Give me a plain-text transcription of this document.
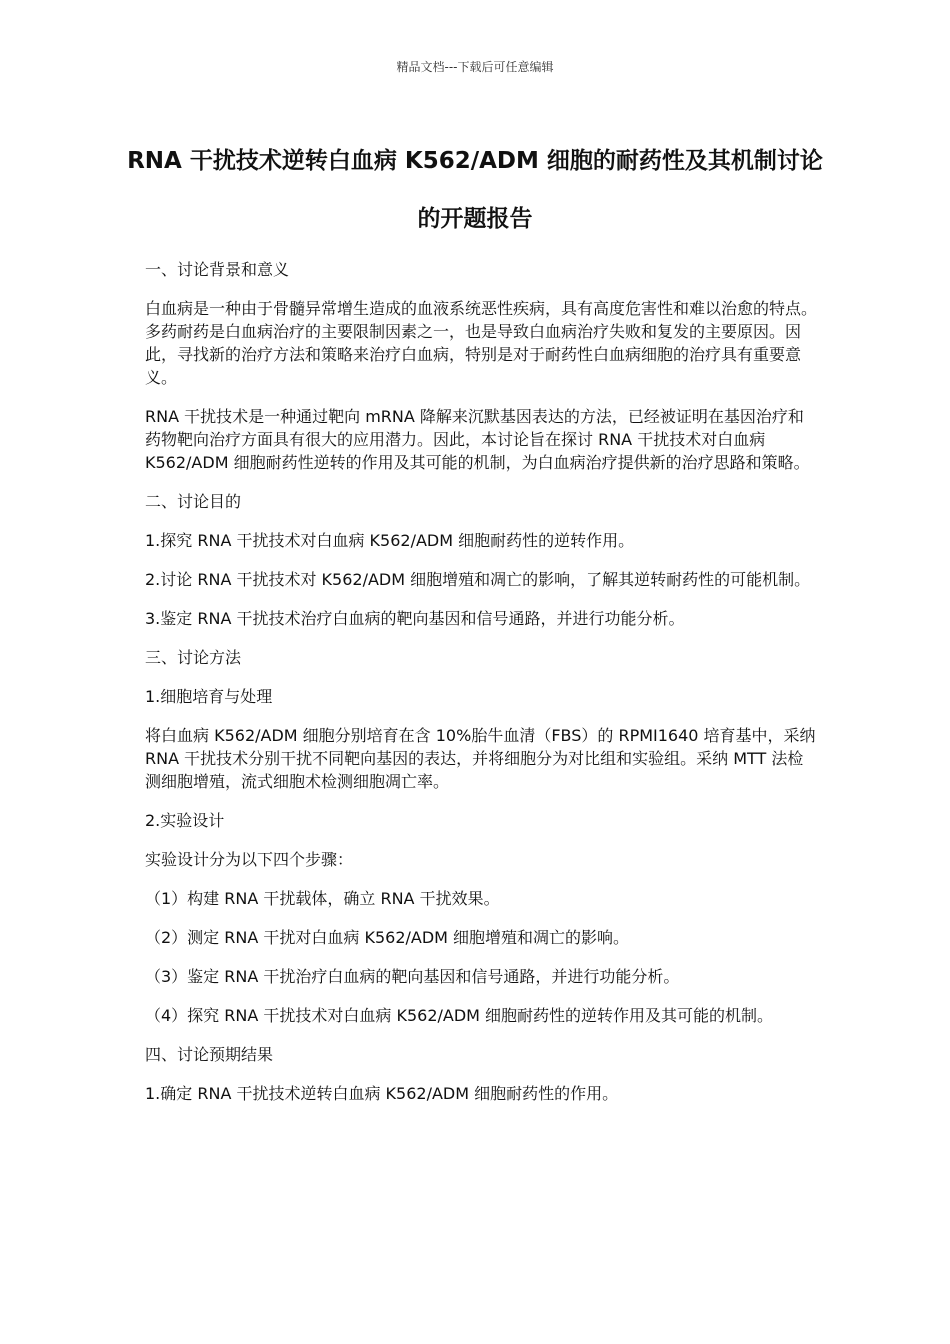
精品文档---下载后可任意编辑
RNA 干扰技术逆转白血病 K562/ADM 细胞的耐药性及其机制讨论的开题报告

一、讨论背景和意义

白血病是一种由于骨髓异常增生造成的血液系统恶性疾病，具有高度危害性和难以治愈的特点。多药耐药是白血病治疗的主要限制因素之一，也是导致白血病治疗失败和复发的主要原因。因此，寻找新的治疗方法和策略来治疗白血病，特别是对于耐药性白血病细胞的治疗具有重要意义。

RNA 干扰技术是一种通过靶向 mRNA 降解来沉默基因表达的方法，已经被证明在基因治疗和药物靶向治疗方面具有很大的应用潜力。因此，本讨论旨在探讨 RNA 干扰技术对白血病 K562/ADM 细胞耐药性逆转的作用及其可能的机制，为白血病治疗提供新的治疗思路和策略。

二、讨论目的

1.探究 RNA 干扰技术对白血病 K562/ADM 细胞耐药性的逆转作用。

2.讨论 RNA 干扰技术对 K562/ADM 细胞增殖和凋亡的影响，了解其逆转耐药性的可能机制。

3.鉴定 RNA 干扰技术治疗白血病的靶向基因和信号通路，并进行功能分析。

三、讨论方法

1.细胞培育与处理

将白血病 K562/ADM 细胞分别培育在含 10%胎牛血清（FBS）的 RPMI1640 培育基中，采纳 RNA 干扰技术分别干扰不同靶向基因的表达，并将细胞分为对比组和实验组。采纳 MTT 法检测细胞增殖，流式细胞术检测细胞凋亡率。

2.实验设计

实验设计分为以下四个步骤：

（1）构建 RNA 干扰载体，确立 RNA 干扰效果。

（2）测定 RNA 干扰对白血病 K562/ADM 细胞增殖和凋亡的影响。

（3）鉴定 RNA 干扰治疗白血病的靶向基因和信号通路，并进行功能分析。

（4）探究 RNA 干扰技术对白血病 K562/ADM 细胞耐药性的逆转作用及其可能的机制。

四、讨论预期结果

1.确定 RNA 干扰技术逆转白血病 K562/ADM 细胞耐药性的作用。
